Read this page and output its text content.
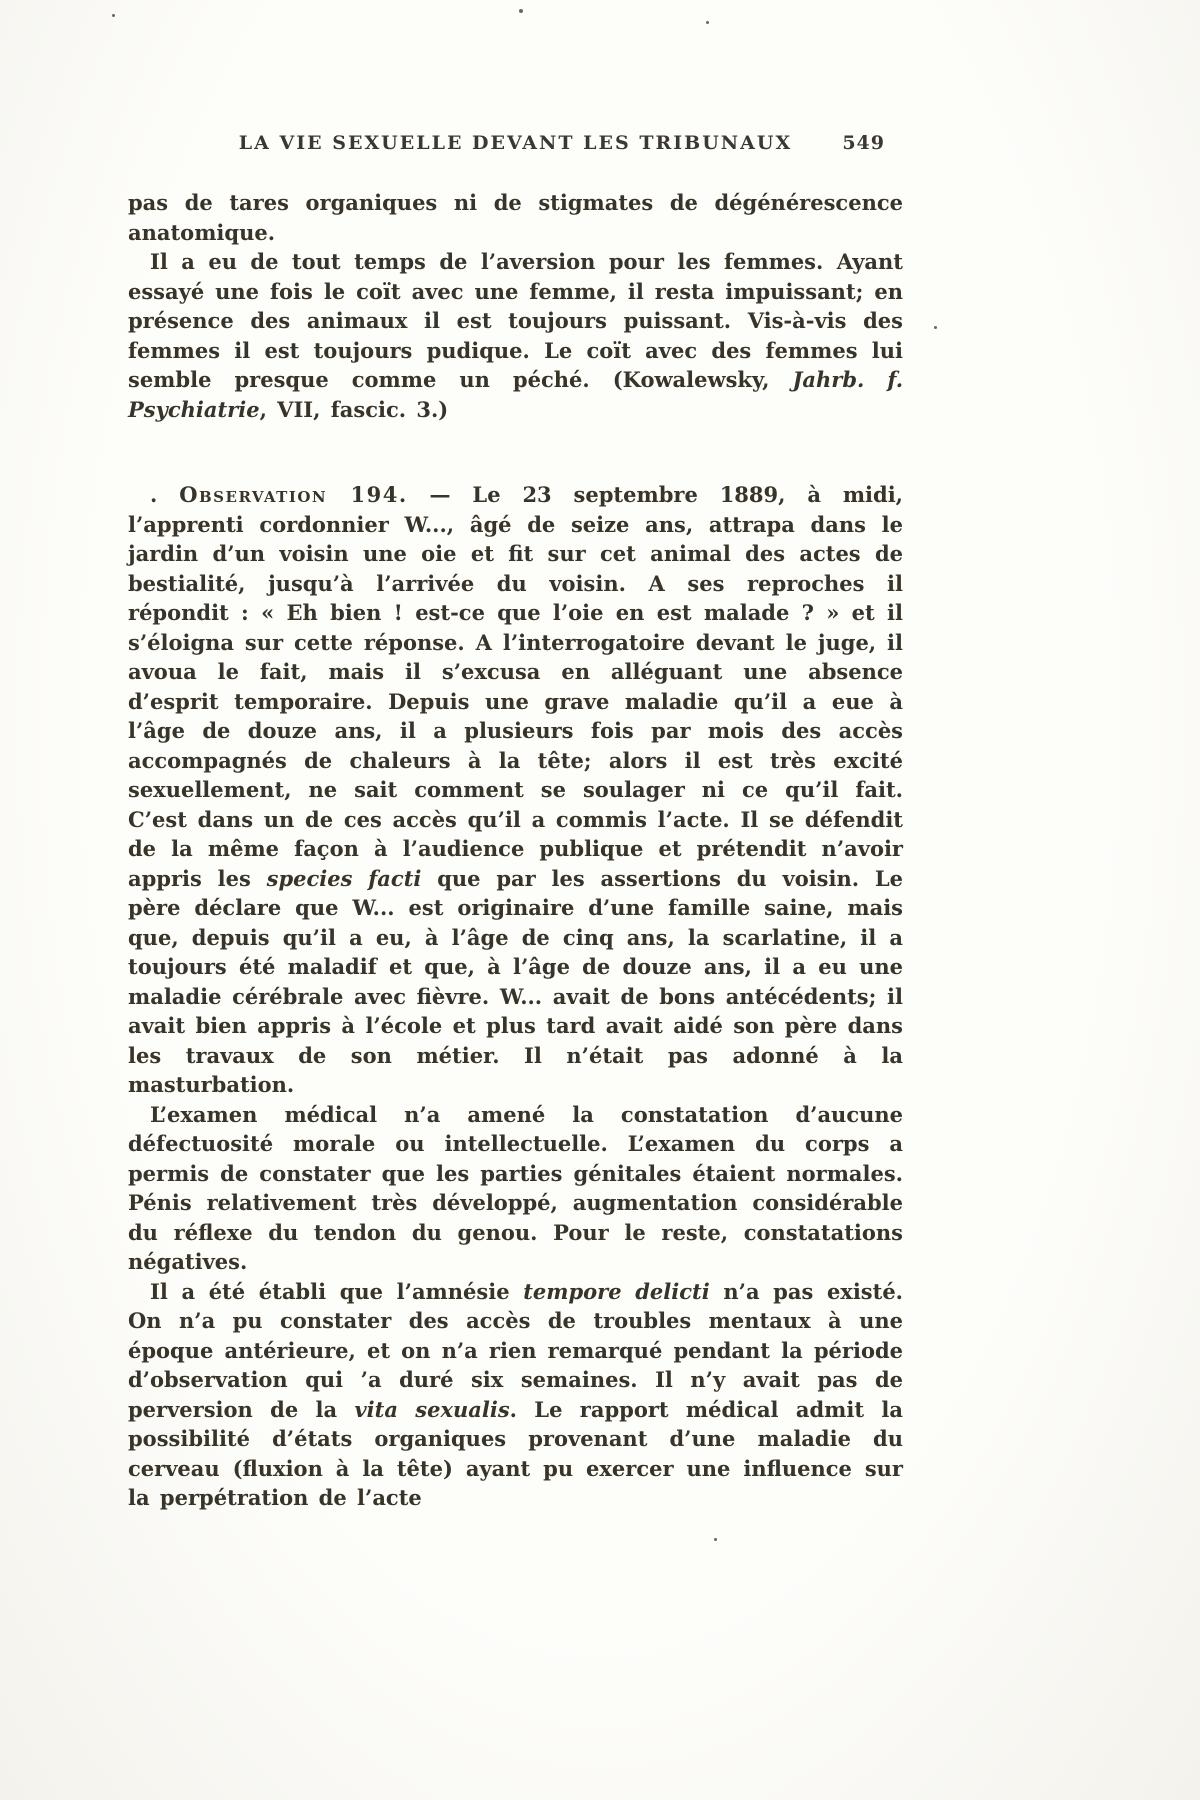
LA VIE SEXUELLE DEVANT LES TRIBUNAUX	549

pas de tares organiques ni de stigmates de dégénérescence anatomique.

Il a eu de tout temps de l’aversion pour les femmes. Ayant essayé une fois le coït avec une femme, il resta impuissant; en présence des animaux il est toujours puissant. Vis-à-vis des femmes il est toujours pudique. Le coït avec des femmes lui semble presque comme un péché. (Kowalewsky, Jahrb. f. Psychiatrie, VII, fascic. 3.)

. Observation 194. — Le 23 septembre 1889, à midi, l’apprenti cordonnier W..., âgé de seize ans, attrapa dans le jardin d’un voisin une oie et fit sur cet animal des actes de bestialité, jusqu’à l’arrivée du voisin. A ses reproches il répondit : « Eh bien ! est-ce que l’oie en est malade ? » et il s’éloigna sur cette réponse. A l’interrogatoire devant le juge, il avoua le fait, mais il s’excusa en alléguant une absence d’esprit temporaire. Depuis une grave maladie qu’il a eue à l’âge de douze ans, il a plusieurs fois par mois des accès accompagnés de chaleurs à la tête; alors il est très excité sexuellement, ne sait comment se soulager ni ce qu’il fait. C’est dans un de ces accès qu’il a commis l’acte. Il se défendit de la même façon à l’audience publique et prétendit n’avoir appris les species facti que par les assertions du voisin. Le père déclare que W... est originaire d’une famille saine, mais que, depuis qu’il a eu, à l’âge de cinq ans, la scarlatine, il a toujours été maladif et que, à l’âge de douze ans, il a eu une maladie cérébrale avec fièvre. W... avait de bons antécédents; il avait bien appris à l’école et plus tard avait aidé son père dans les travaux de son métier. Il n’était pas adonné à la masturbation.

L’examen médical n’a amené la constatation d’aucune défectuosité morale ou intellectuelle. L’examen du corps a permis de constater que les parties génitales étaient normales. Pénis relativement très développé, augmentation considérable du réflexe du tendon du genou. Pour le reste, constatations négatives.

Il a été établi que l’amnésie tempore delicti n’a pas existé. On n’a pu constater des accès de troubles mentaux à une époque antérieure, et on n’a rien remarqué pendant la période d’observation qui ’a duré six semaines. Il n’y avait pas de perversion de la vita sexualis. Le rapport médical admit la possibilité d’états organiques provenant d’une maladie du cerveau (fluxion à la tête) ayant pu exercer une influence sur la perpétration de l’acte
